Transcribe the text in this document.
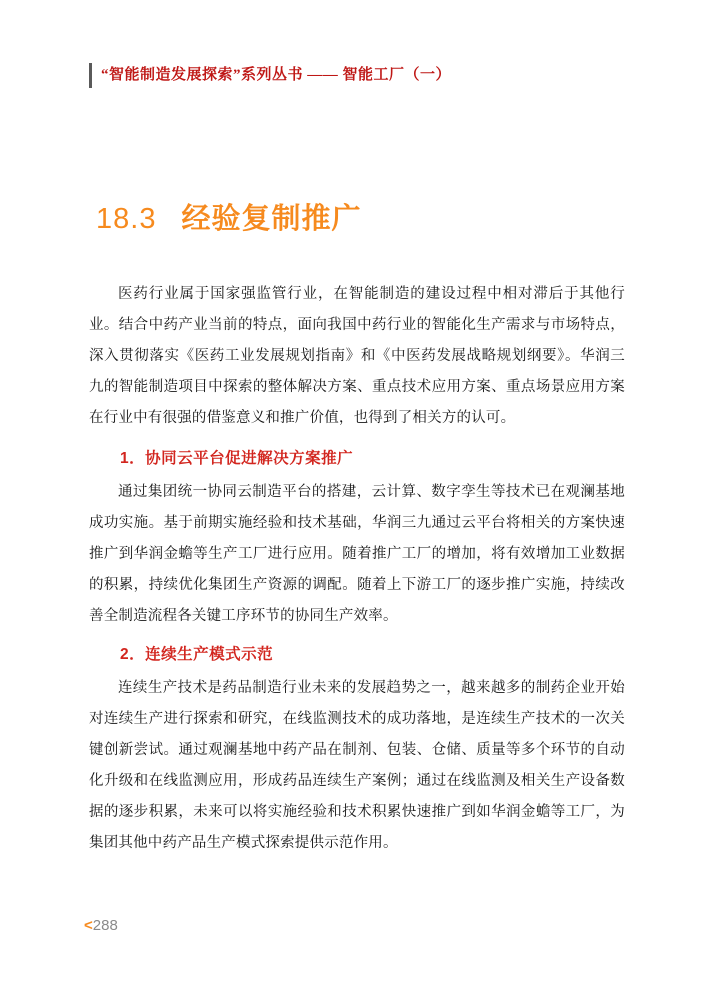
“智能制造发展探索”系列丛书 —— 智能工厂（一）
18.3 经验复制推广

医药行业属于国家强监管行业，在智能制造的建设过程中相对滞后于其他行业。结合中药产业当前的特点，面向我国中药行业的智能化生产需求与市场特点，深入贯彻落实《医药工业发展规划指南》和《中医药发展战略规划纲要》。华润三九的智能制造项目中探索的整体解决方案、重点技术应用方案、重点场景应用方案在行业中有很强的借鉴意义和推广价值，也得到了相关方的认可。

1．协同云平台促进解决方案推广

通过集团统一协同云制造平台的搭建，云计算、数字孪生等技术已在观澜基地成功实施。基于前期实施经验和技术基础，华润三九通过云平台将相关的方案快速推广到华润金蟾等生产工厂进行应用。随着推广工厂的增加，将有效增加工业数据的积累，持续优化集团生产资源的调配。随着上下游工厂的逐步推广实施，持续改善全制造流程各关键工序环节的协同生产效率。

2．连续生产模式示范

连续生产技术是药品制造行业未来的发展趋势之一，越来越多的制药企业开始对连续生产进行探索和研究，在线监测技术的成功落地，是连续生产技术的一次关键创新尝试。通过观澜基地中药产品在制剂、包装、仓储、质量等多个环节的自动化升级和在线监测应用，形成药品连续生产案例；通过在线监测及相关生产设备数据的逐步积累，未来可以将实施经验和技术积累快速推广到如华润金蟾等工厂，为集团其他中药产品生产模式探索提供示范作用。

<288
